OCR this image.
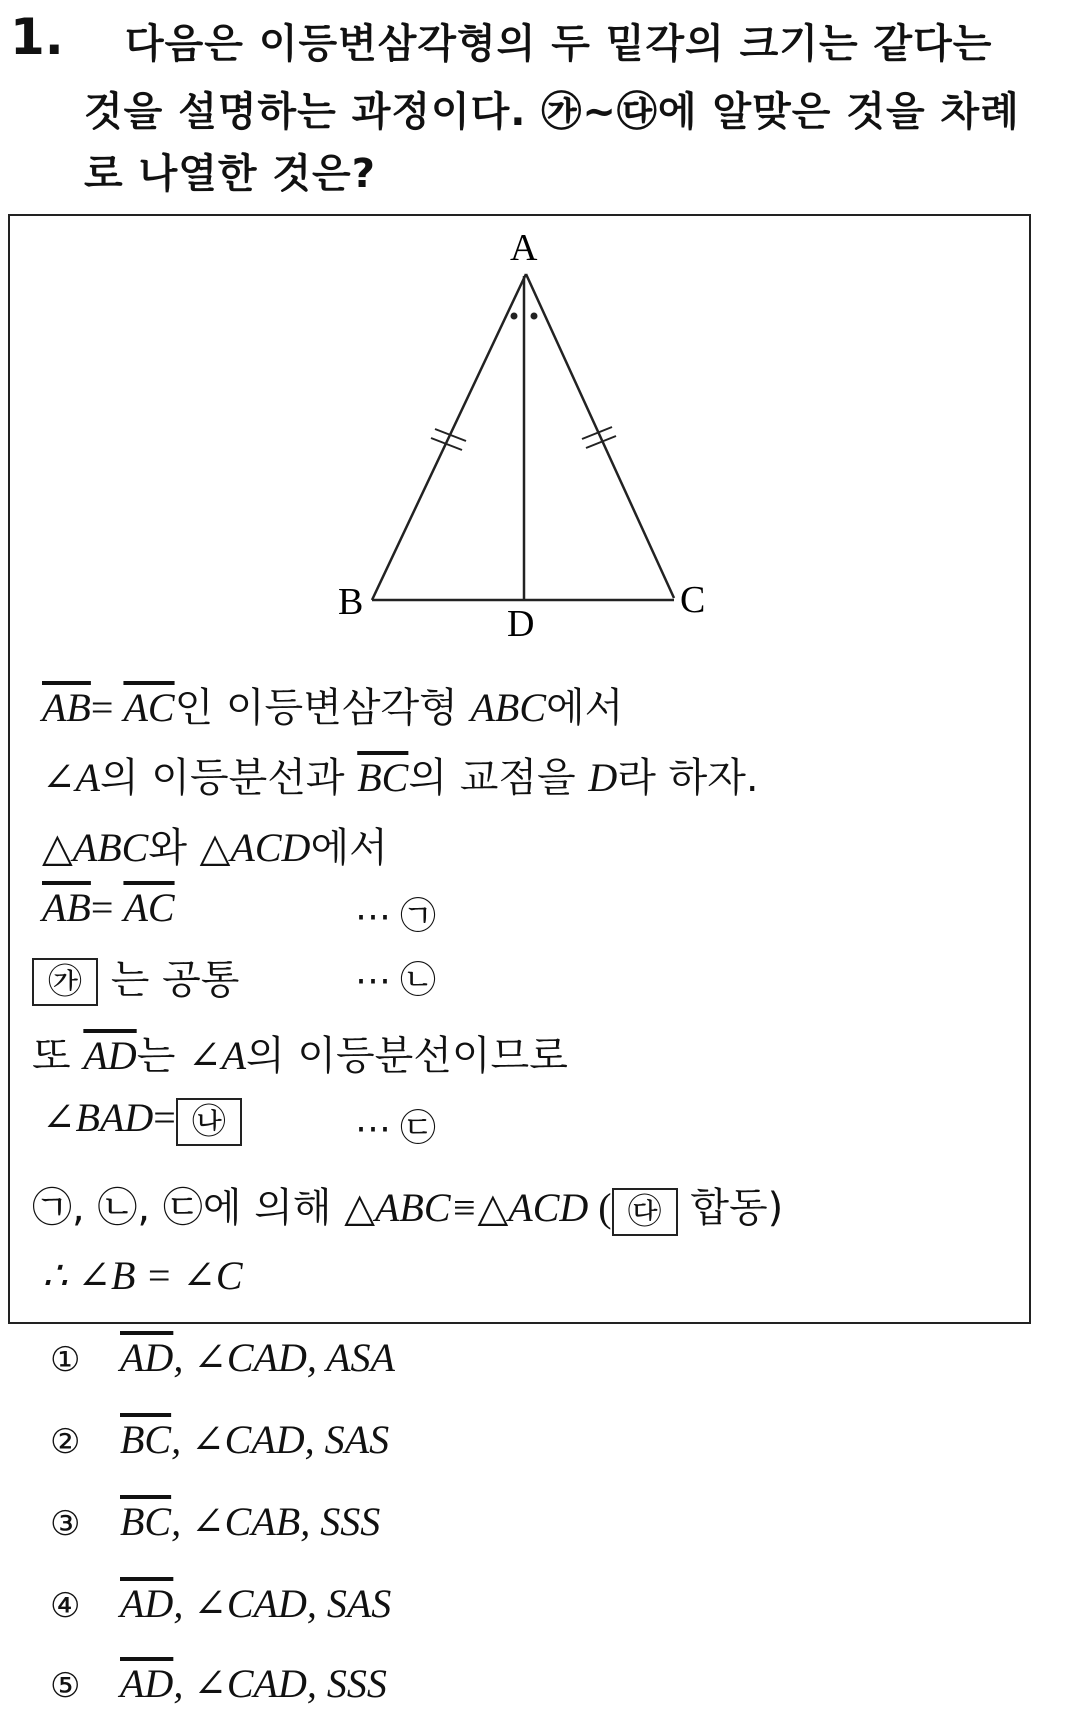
1. 다음은 이등변삼각형의 두 밑각의 크기는 같다는
것을 설명하는 과정이다. ㉮~㉰에 알맞은 것을 차례
로 나열한 것은?
A
B	C
D
$\overline{AB}= \overline{AC}$인 이등변삼각형 ABC에서
∠A의 이등분선과 $\overline{BC}$의 교점을 D라 하자.
△ABC와 △ACD에서
$\overline{AB}= \overline{AC}$	⋯ ㉠
㉮ 는 공통	⋯ ㉡
또 $\overline{AD}$는 ∠A의 이등분선이므로
∠BAD= ㉯	⋯ ㉢
㉠, ㉡, ㉢에 의해 △ABC≡△ACD ( ㉰ 합동)
∴ ∠B = ∠C
① $\overline{AD}$, ∠CAD, ASA
② $\overline{BC}$, ∠CAD, SAS
③ $\overline{BC}$, ∠CAB, SSS
④ $\overline{AD}$, ∠CAD, SAS
⑤ $\overline{AD}$, ∠CAD, SSS
